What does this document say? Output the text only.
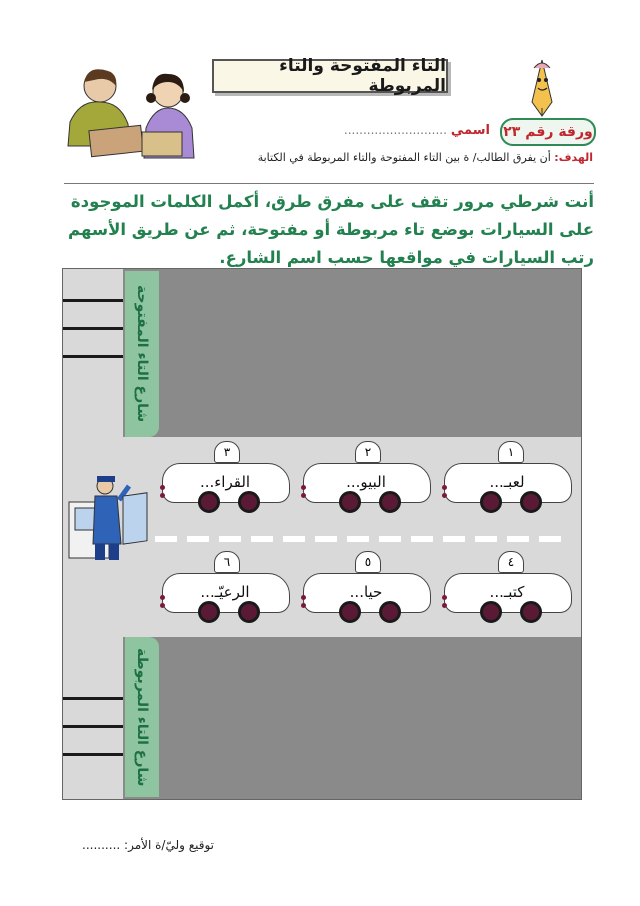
التاء المفتوحة والتاء المربوطة
ورقة رقم ٢٣
اسمي
...........................
الهدف: أن يفرق الطالب/ ة بين التاء المفتوحة والتاء المربوطة في الكتابة
أنت شرطي مرور تقف على مفرق طرق، أكمل الكلمات الموجودة على السيارات بوضع تاء مربوطة أو مفتوحة، ثم عن طريق الأسهم رتب السيارات في مواقعها حسب اسم الشارع.
شارع التاء المفتوحة
شارع التاء المربوطة
٣
القراء...
٢
البيو...
١
لعبـ...
٦
الرعيّـ...
٥
حيا...
٤
كتبـ...
توقيع وليّ/ة الأمر: ..........
